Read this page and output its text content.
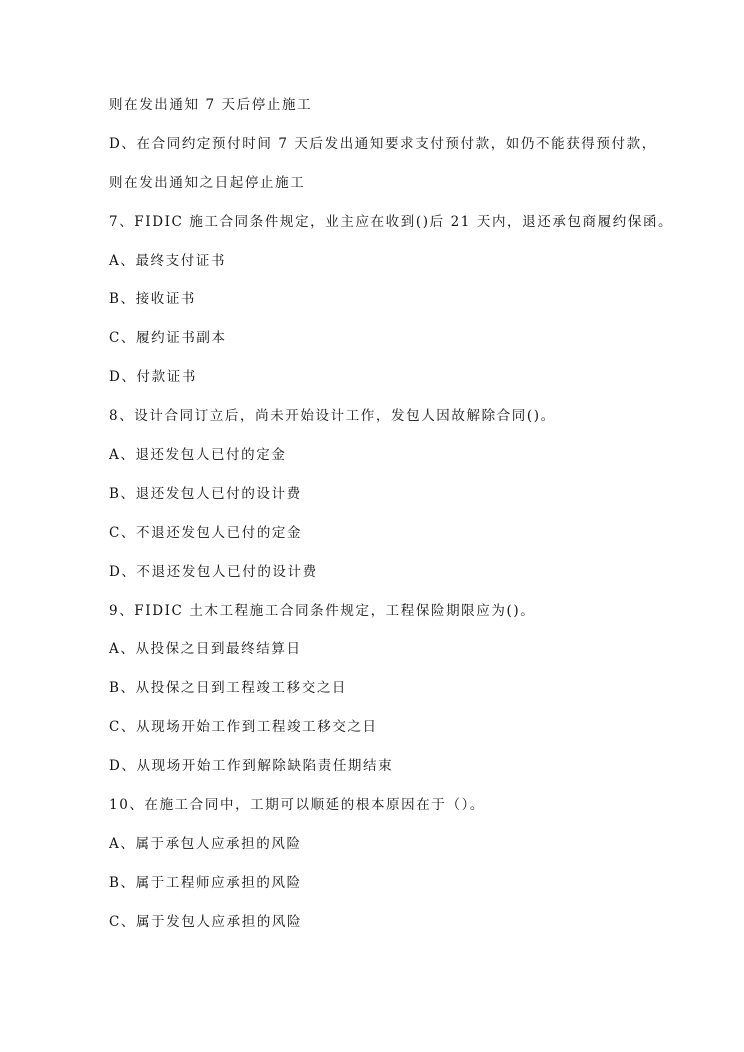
则在发出通知 7 天后停止施工
D、在合同约定预付时间 7 天后发出通知要求支付预付款，如仍不能获得预付款，
则在发出通知之日起停止施工
7、FIDIC 施工合同条件规定，业主应在收到()后 21 天内，退还承包商履约保函。
A、最终支付证书
B、接收证书
C、履约证书副本
D、付款证书
8、设计合同订立后，尚未开始设计工作，发包人因故解除合同()。
A、退还发包人已付的定金
B、退还发包人已付的设计费
C、不退还发包人已付的定金
D、不退还发包人已付的设计费
9、FIDIC 土木工程施工合同条件规定，工程保险期限应为()。
A、从投保之日到最终结算日
B、从投保之日到工程竣工移交之日
C、从现场开始工作到工程竣工移交之日
D、从现场开始工作到解除缺陷责任期结束
10、在施工合同中，工期可以顺延的根本原因在于（）。
A、属于承包人应承担的风险
B、属于工程师应承担的风险
C、属于发包人应承担的风险
